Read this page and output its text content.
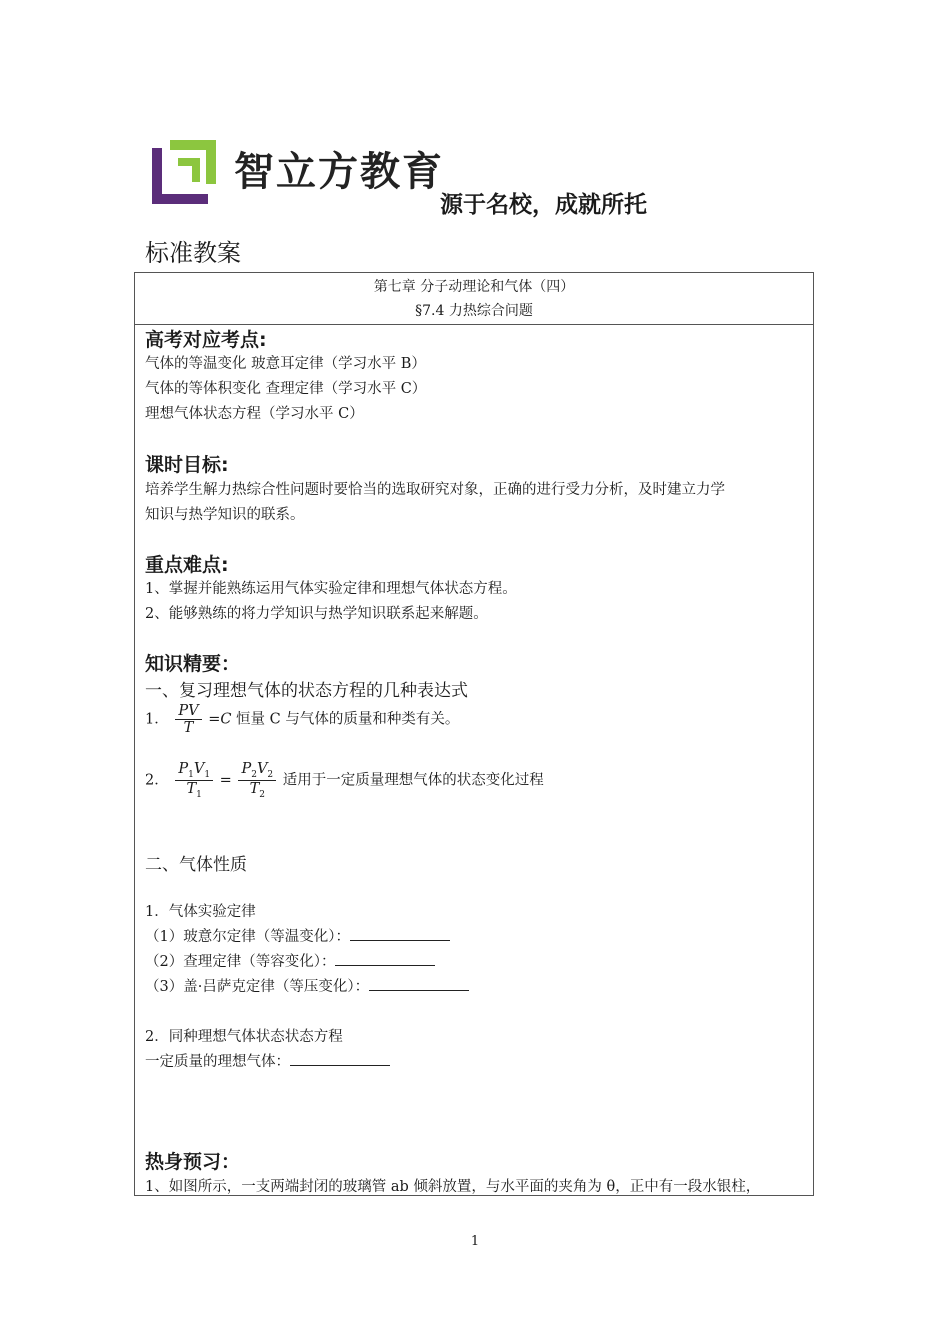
智立方教育
源于名校，成就所托
标准教案
第七章 分子动理论和气体（四）
§7.4 力热综合问题
高考对应考点:
气体的等温变化 玻意耳定律（学习水平 B）
气体的等体积变化 查理定律（学习水平 C）
理想气体状态方程（学习水平 C）
课时目标:
培养学生解力热综合性问题时要恰当的选取研究对象，正确的进行受力分析，及时建立力学
知识与热学知识的联系。
重点难点:
1、掌握并能熟练运用气体实验定律和理想气体状态方程。
2、能够熟练的将力学知识与热学知识联系起来解题。
知识精要：
一、复习理想气体的状态方程的几种表达式
1． $\frac{PV}{T} =C$ 恒量 C 与气体的质量和种类有关。
2． $\frac{P_1V_1}{T_1} = \frac{P_2V_2}{T_2}$ 适用于一定质量理想气体的状态变化过程
二、气体性质
1．气体实验定律
（1）玻意尔定律（等温变化）：
（2）查理定律（等容变化）：
（3）盖·吕萨克定律（等压变化）：
2．同种理想气体状态状态方程
一定质量的理想气体：
热身预习：
1、如图所示，一支两端封闭的玻璃管 ab 倾斜放置，与水平面的夹角为 θ，正中有一段水银柱，
1
